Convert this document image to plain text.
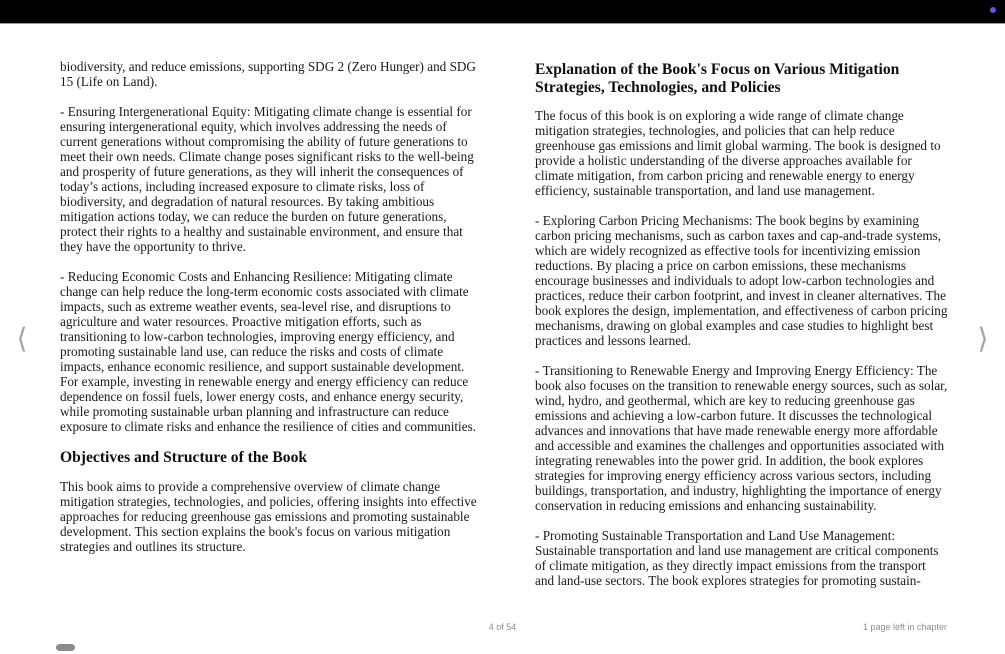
⟨

biodiversity, and reduce emissions, supporting SDG 2 (Zero Hunger) and SDG 15 (Life on Land).

- Ensuring Intergenerational Equity: Mitigating climate change is essential for ensuring intergenerational equity, which involves addressing the needs of current generations without compromising the ability of future generations to meet their own needs. Climate change poses significant risks to the well-being and prosperity of future generations, as they will inherit the consequences of today’s actions, including increased exposure to climate risks, loss of biodiversity, and degradation of natural resources. By taking ambitious mitigation actions today, we can reduce the burden on future generations, protect their rights to a healthy and sustainable environment, and ensure that they have the opportunity to thrive.

- Reducing Economic Costs and Enhancing Resilience: Mitigating climate change can help reduce the long-term economic costs associated with climate impacts, such as extreme weather events, sea-level rise, and disruptions to agriculture and water resources. Proactive mitigation efforts, such as transitioning to low-carbon technologies, improving energy efficiency, and promoting sustainable land use, can reduce the risks and costs of climate impacts, enhance economic resilience, and support sustainable development. For example, investing in renewable energy and energy efficiency can reduce dependence on fossil fuels, lower energy costs, and enhance energy security, while promoting sustainable urban planning and infrastructure can reduce exposure to climate risks and enhance the resilience of cities and communities.

Objectives and Structure of the Book

This book aims to provide a comprehensive overview of climate change mitigation strategies, technologies, and policies, offering insights into effective approaches for reducing greenhouse gas emissions and promoting sustainable development. This section explains the book's focus on various mitigation strategies and outlines its structure.

Explanation of the Book's Focus on Various Mitigation Strategies, Technologies, and Policies

The focus of this book is on exploring a wide range of climate change mitigation strategies, technologies, and policies that can help reduce greenhouse gas emissions and limit global warming. The book is designed to provide a holistic understanding of the diverse approaches available for climate mitigation, from carbon pricing and renewable energy to energy efficiency, sustainable transportation, and land use management.

- Exploring Carbon Pricing Mechanisms: The book begins by examining carbon pricing mechanisms, such as carbon taxes and cap-and-trade systems, which are widely recognized as effective tools for incentivizing emission reductions. By placing a price on carbon emissions, these mechanisms encourage businesses and individuals to adopt low-carbon technologies and practices, reduce their carbon footprint, and invest in cleaner alternatives. The book explores the design, implementation, and effectiveness of carbon pricing mechanisms, drawing on global examples and case studies to highlight best practices and lessons learned.

- Transitioning to Renewable Energy and Improving Energy Efficiency: The book also focuses on the transition to renewable energy sources, such as solar, wind, hydro, and geothermal, which are key to reducing greenhouse gas emissions and achieving a low-carbon future. It discusses the technological advances and innovations that have made renewable energy more affordable and accessible and examines the challenges and opportunities associated with integrating renewables into the power grid. In addition, the book explores strategies for improving energy efficiency across various sectors, including buildings, transportation, and industry, highlighting the importance of energy conservation in reducing emissions and enhancing sustainability.

- Promoting Sustainable Transportation and Land Use Management: Sustainable transportation and land use management are critical components of climate mitigation, as they directly impact emissions from the transport and land-use sectors. The book explores strategies for promoting sustain-

⟩
4 of 54	1 page left in chapter
